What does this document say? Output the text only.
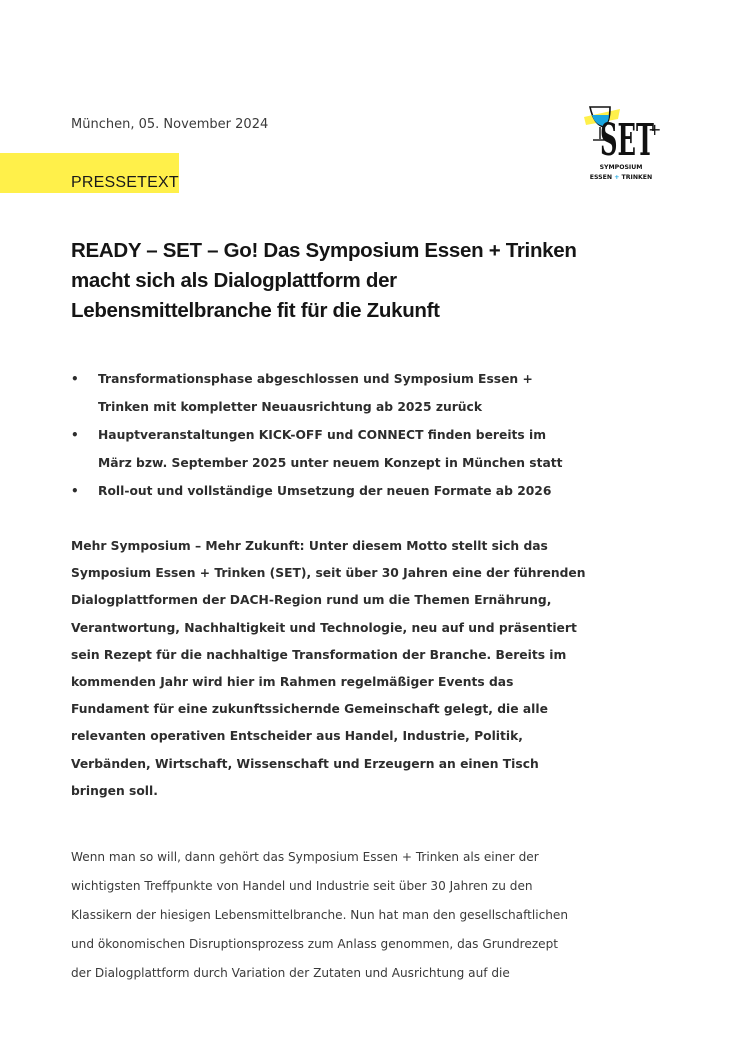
München, 05. November 2024
PRESSETEXT
SET
+
SYMPOSIUM
ESSEN + TRINKEN
READY – SET – Go! Das Symposium Essen + Trinken
macht sich als Dialogplattform der
Lebensmittelbranche fit für die Zukunft
• Transformationsphase abgeschlossen und Symposium Essen +
Trinken mit kompletter Neuausrichtung ab 2025 zurück
• Hauptveranstaltungen KICK-OFF und CONNECT finden bereits im
März bzw. September 2025 unter neuem Konzept in München statt
• Roll-out und vollständige Umsetzung der neuen Formate ab 2026

Mehr Symposium – Mehr Zukunft: Unter diesem Motto stellt sich das
Symposium Essen + Trinken (SET), seit über 30 Jahren eine der führenden
Dialogplattformen der DACH-Region rund um die Themen Ernährung,
Verantwortung, Nachhaltigkeit und Technologie, neu auf und präsentiert
sein Rezept für die nachhaltige Transformation der Branche. Bereits im
kommenden Jahr wird hier im Rahmen regelmäßiger Events das
Fundament für eine zukunftssichernde Gemeinschaft gelegt, die alle
relevanten operativen Entscheider aus Handel, Industrie, Politik,
Verbänden, Wirtschaft, Wissenschaft und Erzeugern an einen Tisch
bringen soll.

Wenn man so will, dann gehört das Symposium Essen + Trinken als einer der
wichtigsten Treffpunkte von Handel und Industrie seit über 30 Jahren zu den
Klassikern der hiesigen Lebensmittelbranche. Nun hat man den gesellschaftlichen
und ökonomischen Disruptionsprozess zum Anlass genommen, das Grundrezept
der Dialogplattform durch Variation der Zutaten und Ausrichtung auf die
